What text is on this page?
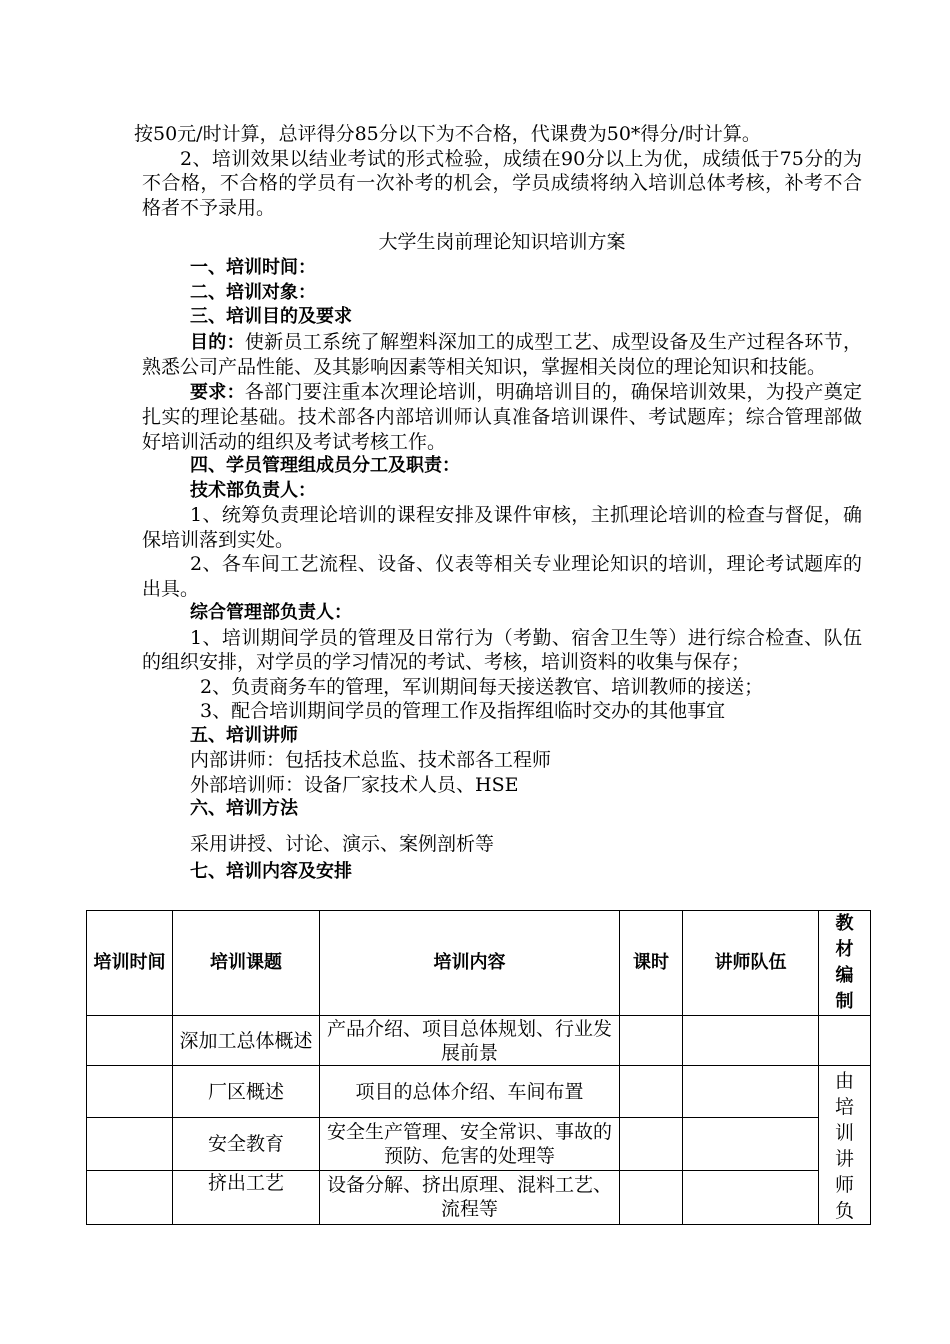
按50元/时计算，总评得分85分以下为不合格，代课费为50*得分/时计算。

2、培训效果以结业考试的形式检验，成绩在90分以上为优，成绩低于75分的为不合格，不合格的学员有一次补考的机会，学员成绩将纳入培训总体考核，补考不合格者不予录用。

大学生岗前理论知识培训方案

一、培训时间：

二、培训对象：

三、培训目的及要求

目的：使新员工系统了解塑料深加工的成型工艺、成型设备及生产过程各环节，熟悉公司产品性能、及其影响因素等相关知识，掌握相关岗位的理论知识和技能。

要求：各部门要注重本次理论培训，明确培训目的，确保培训效果，为投产奠定扎实的理论基础。技术部各内部培训师认真准备培训课件、考试题库；综合管理部做好培训活动的组织及考试考核工作。

四、学员管理组成员分工及职责：

技术部负责人：

1、统筹负责理论培训的课程安排及课件审核，主抓理论培训的检查与督促，确保培训落到实处。

2、各车间工艺流程、设备、仪表等相关专业理论知识的培训，理论考试题库的出具。

综合管理部负责人：

1、培训期间学员的管理及日常行为（考勤、宿舍卫生等）进行综合检查、队伍的组织安排，对学员的学习情况的考试、考核，培训资料的收集与保存；

2、负责商务车的管理，军训期间每天接送教官、培训教师的接送；

3、配合培训期间学员的管理工作及指挥组临时交办的其他事宜

五、培训讲师

内部讲师：包括技术总监、技术部各工程师

外部培训师：设备厂家技术人员、HSE

六、培训方法

采用讲授、讨论、演示、案例剖析等

七、培训内容及安排

培训时间	培训课题	培训内容	课时	讲师队伍	教材编制
	深加工总体概述	产品介绍、项目总体规划、行业发展前景			
	厂区概述	项目的总体介绍、车间布置			由培训讲师负
	安全教育	安全生产管理、安全常识、事故的预防、危害的处理等			
	挤出工艺	设备分解、挤出原理、混料工艺、流程等			
